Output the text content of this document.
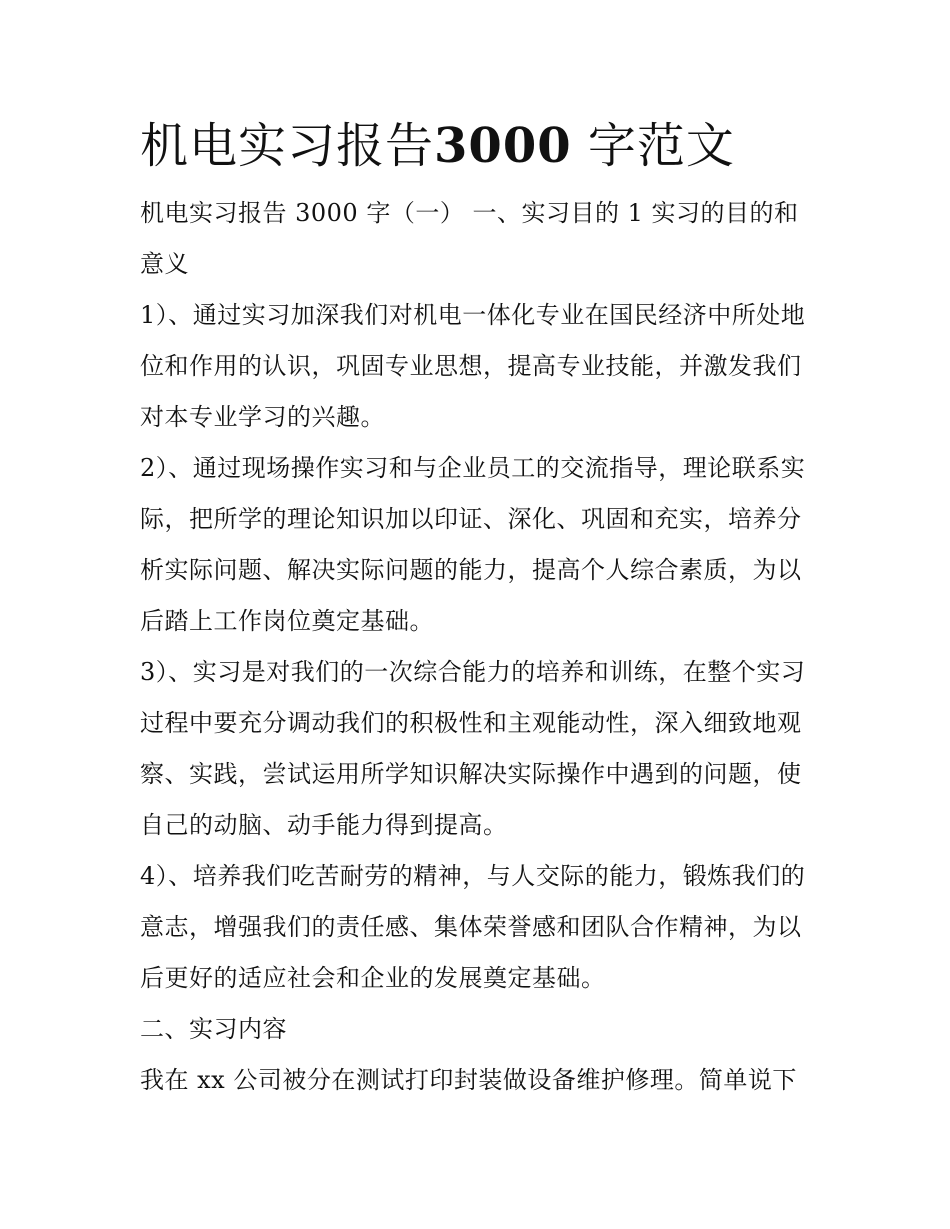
机电实习报告3000 字范文

机电实习报告 3000 字（一） 一、实习目的 1 实习的目的和意义

1）、通过实习加深我们对机电一体化专业在国民经济中所处地位和作用的认识，巩固专业思想，提高专业技能，并激发我们对本专业学习的兴趣。

2）、通过现场操作实习和与企业员工的交流指导，理论联系实际，把所学的理论知识加以印证、深化、巩固和充实，培养分析实际问题、解决实际问题的能力，提高个人综合素质，为以后踏上工作岗位奠定基础。

3）、实习是对我们的一次综合能力的培养和训练，在整个实习过程中要充分调动我们的积极性和主观能动性，深入细致地观察、实践，尝试运用所学知识解决实际操作中遇到的问题，使自己的动脑、动手能力得到提高。

4）、培养我们吃苦耐劳的精神，与人交际的能力，锻炼我们的意志，增强我们的责任感、集体荣誉感和团队合作精神，为以后更好的适应社会和企业的发展奠定基础。

二、实习内容

我在 xx 公司被分在测试打印封装做设备维护修理。简单说下
